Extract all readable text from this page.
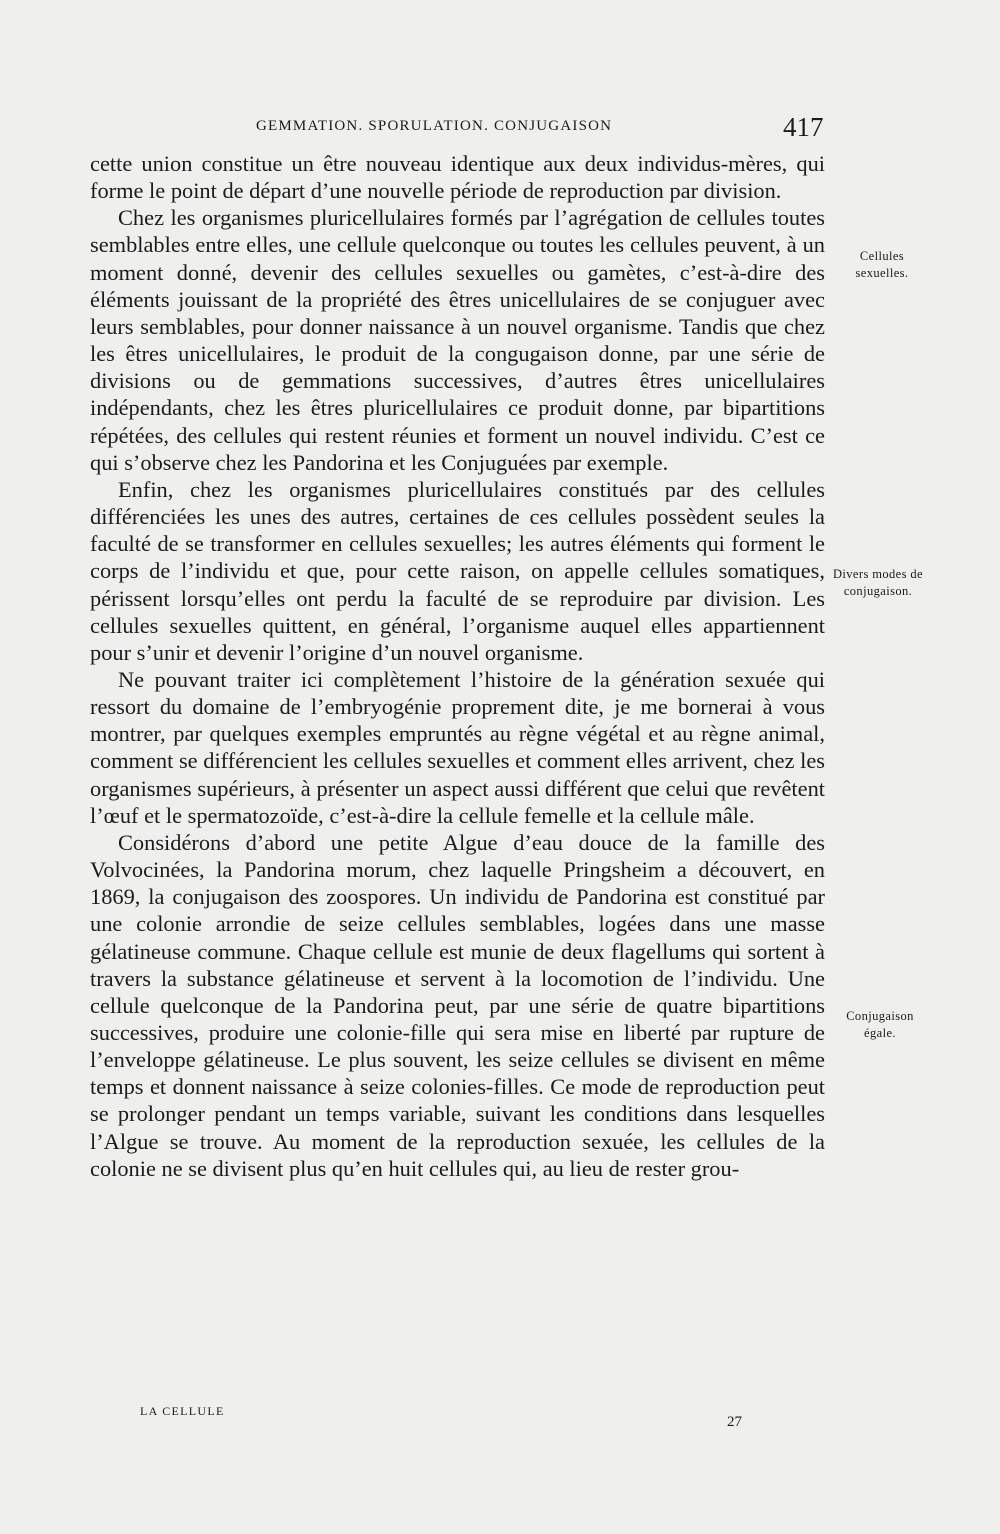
GEMMATION. SPORULATION. CONJUGAISON	417

cette union constitue un être nouveau identique aux deux individus-mères, qui forme le point de départ d’une nouvelle période de reproduction par division.

Chez les organismes pluricellulaires formés par l’agrégation de cellules toutes semblables entre elles, une cellule quelconque ou toutes les cellules peuvent, à un moment donné, devenir des cellules sexuelles ou gamètes, c’est-à-dire des éléments jouissant de la propriété des êtres unicellulaires de se conjuguer avec leurs semblables, pour donner naissance à un nouvel organisme. Tandis que chez les êtres unicellulaires, le produit de la congugaison donne, par une série de divisions ou de gemmations successives, d’autres êtres unicellulaires indépendants, chez les êtres pluricellulaires ce produit donne, par bipartitions répétées, des cellules qui restent réunies et forment un nouvel individu. C’est ce qui s’observe chez les Pandorina et les Conjuguées par exemple.

Enfin, chez les organismes pluricellulaires constitués par des cellules différenciées les unes des autres, certaines de ces cellules possèdent seules la faculté de se transformer en cellules sexuelles; les autres éléments qui forment le corps de l’individu et que, pour cette raison, on appelle cellules somatiques, périssent lorsqu’elles ont perdu la faculté de se reproduire par division. Les cellules sexuelles quittent, en général, l’organisme auquel elles appartiennent pour s’unir et devenir l’origine d’un nouvel organisme.

Ne pouvant traiter ici complètement l’histoire de la génération sexuée qui ressort du domaine de l’embryogénie proprement dite, je me bornerai à vous montrer, par quelques exemples empruntés au règne végétal et au règne animal, comment se différencient les cellules sexuelles et comment elles arrivent, chez les organismes supérieurs, à présenter un aspect aussi différent que celui que revêtent l’œuf et le spermatozoïde, c’est-à-dire la cellule femelle et la cellule mâle.

Considérons d’abord une petite Algue d’eau douce de la famille des Volvocinées, la Pandorina morum, chez laquelle Pringsheim a découvert, en 1869, la conjugaison des zoospores. Un individu de Pandorina est constitué par une colonie arrondie de seize cellules semblables, logées dans une masse gélatineuse commune. Chaque cellule est munie de deux flagellums qui sortent à travers la substance gélatineuse et servent à la locomotion de l’individu. Une cellule quelconque de la Pandorina peut, par une série de quatre bipartitions successives, produire une colonie-fille qui sera mise en liberté par rupture de l’enveloppe gélatineuse. Le plus souvent, les seize cellules se divisent en même temps et donnent naissance à seize colonies-filles. Ce mode de reproduction peut se prolonger pendant un temps variable, suivant les conditions dans lesquelles l’Algue se trouve. Au moment de la reproduction sexuée, les cellules de la colonie ne se divisent plus qu’en huit cellules qui, au lieu de rester grou-

Cellules sexuelles.
Divers modes de conjugaison.
Conjugaison égale.
LA CELLULE
27
